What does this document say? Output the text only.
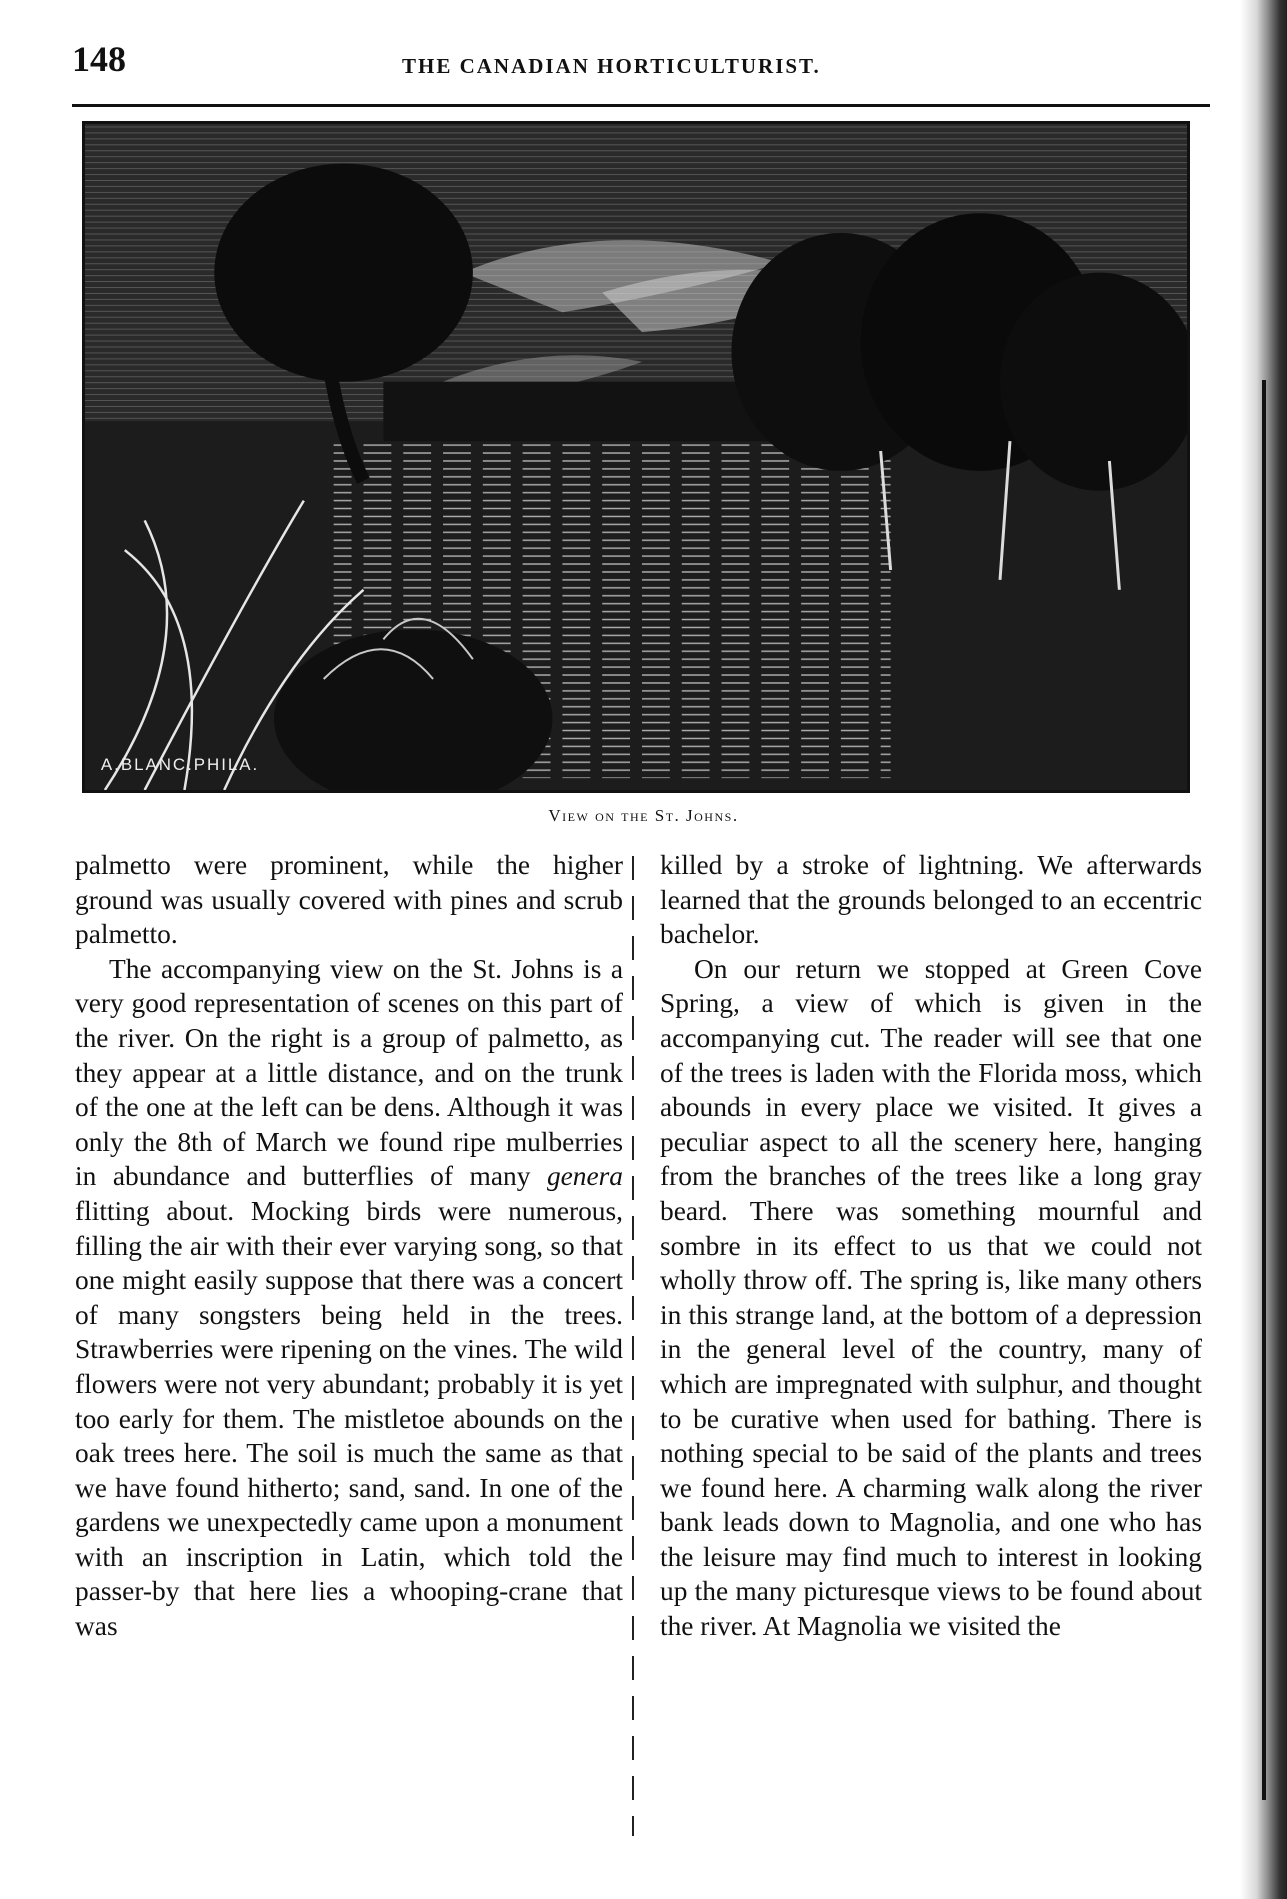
148	THE CANADIAN HORTICULTURIST.
A.BLANC.PHILA.
View on the St. Johns.

palmetto were prominent, while the higher ground was usually covered with pines and scrub palmetto.

The accompanying view on the St. Johns is a very good representation of scenes on this part of the river. On the right is a group of palmetto, as they appear at a little distance, and on the trunk of the one at the left can be dens. Although it was only the 8th of March we found ripe mulberries in abundance and butterflies of many genera flitting about. Mocking birds were numerous, filling the air with their ever varying song, so that one might easily suppose that there was a concert of many songsters being held in the trees. Strawberries were ripening on the vines. The wild flowers were not very abundant; probably it is yet too early for them. The mistletoe abounds on the oak trees here. The soil is much the same as that we have found hitherto; sand, sand. In one of the gardens we unexpectedly came upon a monument with an inscription in Latin, which told the passer-by that here lies a whooping-crane that was

killed by a stroke of lightning. We afterwards learned that the grounds belonged to an eccentric bachelor.

On our return we stopped at Green Cove Spring, a view of which is given in the accompanying cut. The reader will see that one of the trees is laden with the Florida moss, which abounds in every place we visited. It gives a peculiar aspect to all the scenery here, hanging from the branches of the trees like a long gray beard. There was something mournful and sombre in its effect to us that we could not wholly throw off. The spring is, like many others in this strange land, at the bottom of a depression in the general level of the country, many of which are impregnated with sulphur, and thought to be curative when used for bathing. There is nothing special to be said of the plants and trees we found here. A charming walk along the river bank leads down to Magnolia, and one who has the leisure may find much to interest in looking up the many picturesque views to be found about the river. At Magnolia we visited the
